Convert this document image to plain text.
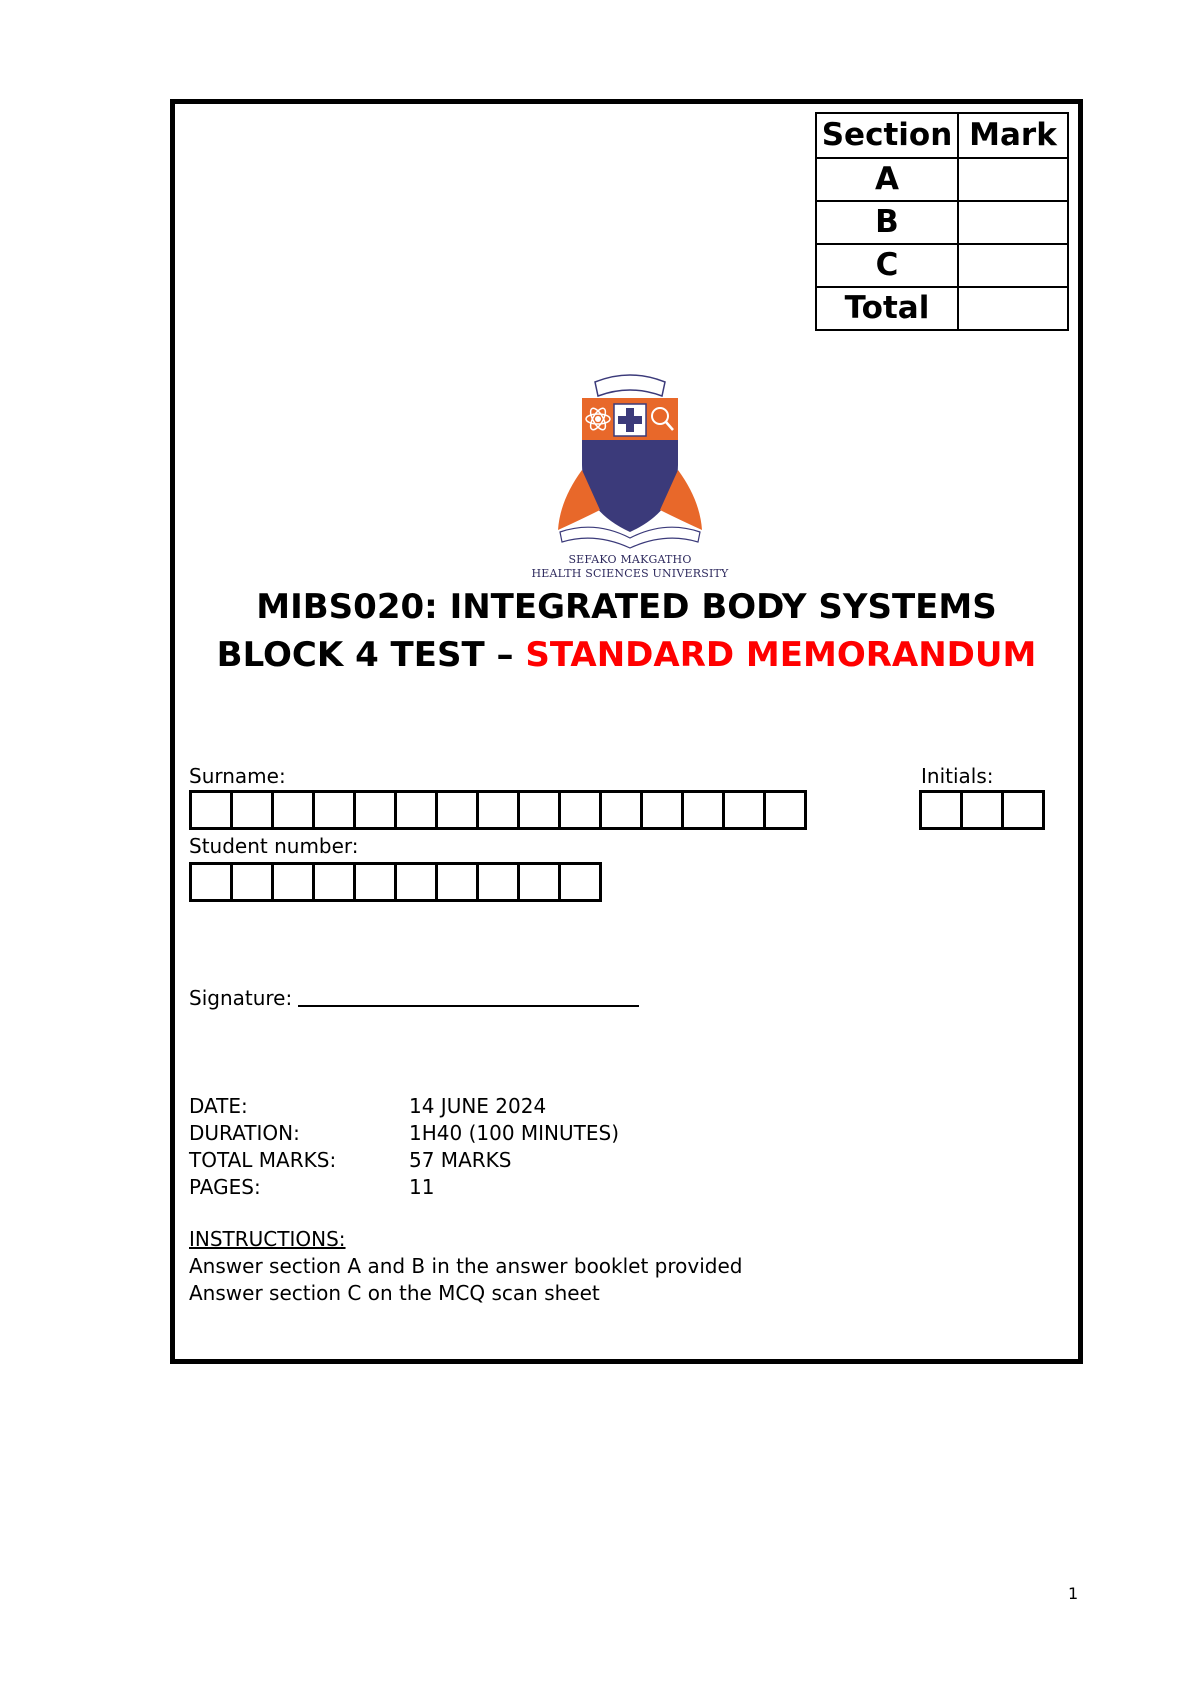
Section	Mark
A	
B	
C	
Total	
SEFAKO MAKGATHO
HEALTH SCIENCES UNIVERSITY
MIBS020: INTEGRATED BODY SYSTEMS
BLOCK 4 TEST – STANDARD MEMORANDUM
Surname:	Initials:
Student number:
Signature:
DATE:	14 JUNE 2024
DURATION:	1H40 (100 MINUTES)
TOTAL MARKS:	57 MARKS
PAGES:	11
INSTRUCTIONS:
Answer section A and B in the answer booklet provided
Answer section C on the MCQ scan sheet
1
